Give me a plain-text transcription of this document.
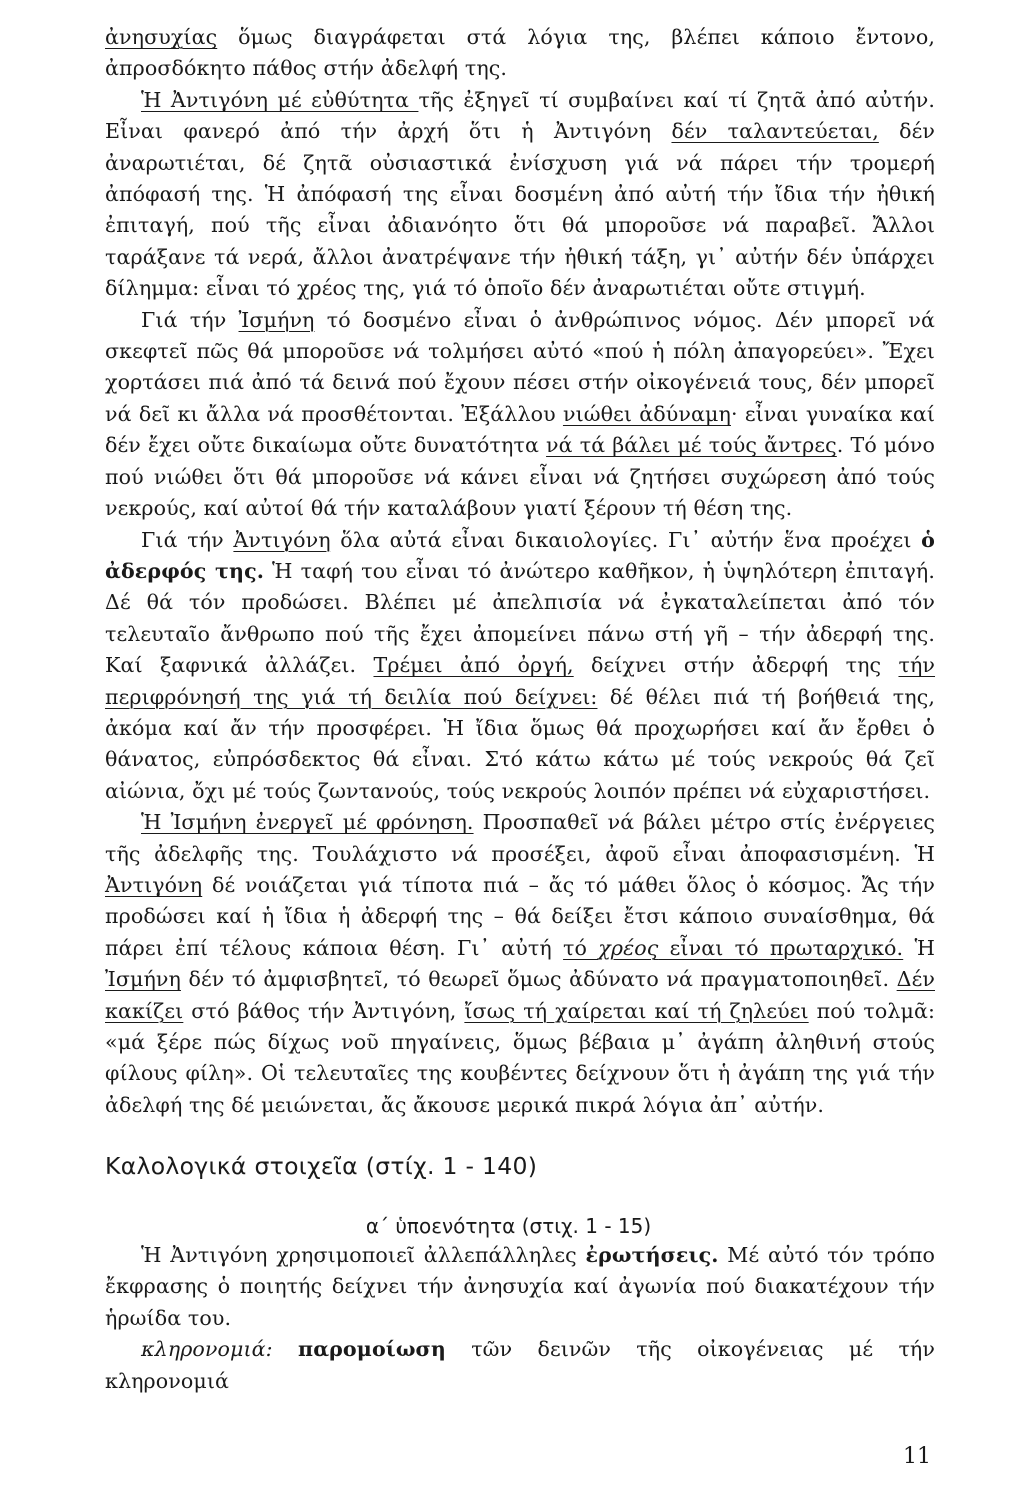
ἀνησυχίας ὅμως διαγράφεται στά λόγια της, βλέπει κάποιο ἔντονο, ἀπροσδόκητο πάθος στήν ἀδελφή της.

Ἡ Ἀντιγόνη μέ εὐθύτητα τῆς ἐξηγεῖ τί συμβαίνει καί τί ζητᾶ ἀπό αὐτήν. Εἶναι φανερό ἀπό τήν ἀρχή ὅτι ἡ Ἀντιγόνη δέν ταλαντεύεται, δέν ἀναρωτιέται, δέ ζητᾶ οὐσιαστικά ἐνίσχυση γιά νά πάρει τήν τρομερή ἀπόφασή της. Ἡ ἀπόφασή της εἶναι δοσμένη ἀπό αὐτή τήν ἴδια τήν ἠθική ἐπιταγή, πού τῆς εἶναι ἀδιανόητο ὅτι θά μποροῦσε νά παραβεῖ. Ἄλλοι ταράξανε τά νερά, ἄλλοι ἀνατρέψανε τήν ἠθική τάξη, γι᾽ αὐτήν δέν ὑπάρχει δίλημμα: εἶναι τό χρέος της, γιά τό ὁποῖο δέν ἀναρωτιέται οὔτε στιγμή.

Γιά τήν Ἰσμήνη τό δοσμένο εἶναι ὁ ἀνθρώπινος νόμος. Δέν μπορεῖ νά σκεφτεῖ πῶς θά μποροῦσε νά τολμήσει αὐτό «πού ἡ πόλη ἀπαγορεύει». Ἔχει χορτάσει πιά ἀπό τά δεινά πού ἔχουν πέσει στήν οἰκογένειά τους, δέν μπορεῖ νά δεῖ κι ἄλλα νά προσθέτονται. Ἐξάλλου νιώθει ἀδύναμη· εἶναι γυναίκα καί δέν ἔχει οὔτε δικαίωμα οὔτε δυνατότητα νά τά βάλει μέ τούς ἄντρες. Τό μόνο πού νιώθει ὅτι θά μποροῦσε νά κάνει εἶναι νά ζητήσει συχώρεση ἀπό τούς νεκρούς, καί αὐτοί θά τήν καταλάβουν γιατί ξέρουν τή θέση της.

Γιά τήν Ἀντιγόνη ὅλα αὐτά εἶναι δικαιολογίες. Γι᾽ αὐτήν ἕνα προέχει ὁ ἀδερφός της. Ἡ ταφή του εἶναι τό ἀνώτερο καθῆκον, ἡ ὑψηλότερη ἐπιταγή. Δέ θά τόν προδώσει. Βλέπει μέ ἀπελπισία νά ἐγκαταλείπεται ἀπό τόν τελευταῖο ἄνθρωπο πού τῆς ἔχει ἀπομείνει πάνω στή γῆ – τήν ἀδερφή της. Καί ξαφνικά ἀλλάζει. Τρέμει ἀπό ὀργή, δείχνει στήν ἀδερφή της τήν περιφρόνησή της γιά τή δειλία πού δείχνει: δέ θέλει πιά τή βοήθειά της, ἀκόμα καί ἄν τήν προσφέρει. Ἡ ἴδια ὅμως θά προχωρήσει καί ἄν ἔρθει ὁ θάνατος, εὐπρόσδεκτος θά εἶναι. Στό κάτω κάτω μέ τούς νεκρούς θά ζεῖ αἰώνια, ὄχι μέ τούς ζωντανούς, τούς νεκρούς λοιπόν πρέπει νά εὐχαριστήσει.

Ἡ Ἰσμήνη ἐνεργεῖ μέ φρόνηση. Προσπαθεῖ νά βάλει μέτρο στίς ἐνέργειες τῆς ἀδελφῆς της. Τουλάχιστο νά προσέξει, ἀφοῦ εἶναι ἀποφασισμένη. Ἡ Ἀντιγόνη δέ νοιάζεται γιά τίποτα πιά – ἄς τό μάθει ὅλος ὁ κόσμος. Ἄς τήν προδώσει καί ἡ ἴδια ἡ ἀδερφή της – θά δείξει ἔτσι κάποιο συναίσθημα, θά πάρει ἐπί τέλους κάποια θέση. Γι᾽ αὐτή τό χρέος εἶναι τό πρωταρχικό. Ἡ Ἰσμήνη δέν τό ἀμφισβητεῖ, τό θεωρεῖ ὅμως ἀδύνατο νά πραγματοποιηθεῖ. Δέν κακίζει στό βάθος τήν Ἀντιγόνη, ἴσως τή χαίρεται καί τή ζηλεύει πού τολμᾶ: «μά ξέρε πώς δίχως νοῦ πηγαίνεις, ὅμως βέβαια μ᾽ ἀγάπη ἀληθινή στούς φίλους φίλη». Οἱ τελευταῖες της κουβέντες δείχνουν ὅτι ἡ ἀγάπη της γιά τήν ἀδελφή της δέ μειώνεται, ἄς ἄκουσε μερικά πικρά λόγια ἀπ᾽ αὐτήν.

Καλολογικά στοιχεῖα (στίχ. 1 - 140)
α΄ ὑποενότητα (στιχ. 1 - 15)

Ἡ Ἀντιγόνη χρησιμοποιεῖ ἀλλεπάλληλες ἐρωτήσεις. Μέ αὐτό τόν τρόπο ἔκφρασης ὁ ποιητής δείχνει τήν ἀνησυχία καί ἀγωνία πού διακατέχουν τήν ἡρωίδα του.

κληρονομιά: παρομοίωση τῶν δεινῶν τῆς οἰκογένειας μέ τήν κληρονομιά

11
